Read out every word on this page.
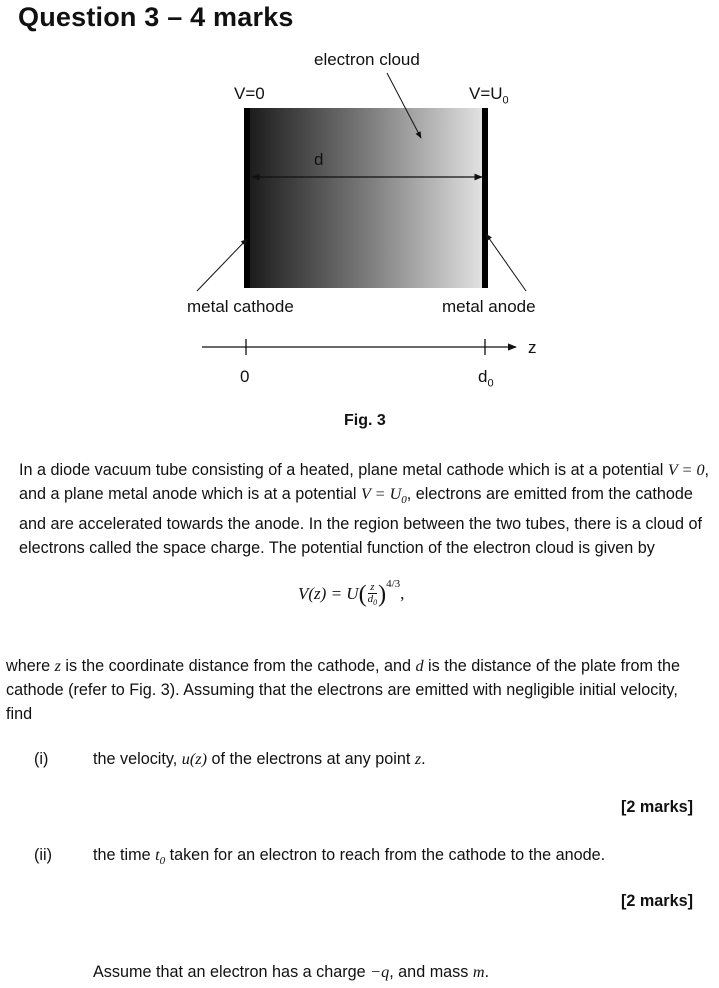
Question 3 – 4 marks
electron cloud
V=0	$V=U_0$
d
metal cathode	metal anode
z
0	$d_0$
Fig. 3
In a diode vacuum tube consisting of a heated, plane metal cathode which is at a potential V = 0, and a plane metal anode which is at a potential $V = U_0$, electrons are emitted from the cathode and are accelerated towards the anode. In the region between the two tubes, there is a cloud of electrons called the space charge. The potential function of the electron cloud is given by
$V(z) = U( \frac{z}{d_0} )^{4/3}$,
where z is the coordinate distance from the cathode, and d is the distance of the plate from the cathode (refer to Fig. 3). Assuming that the electrons are emitted with negligible initial velocity, find
(i)	the velocity, u(z) of the electrons at any point z.
[2 marks]
(ii)	the time $t_0$ taken for an electron to reach from the cathode to the anode.
[2 marks]
Assume that an electron has a charge −q, and mass m.
